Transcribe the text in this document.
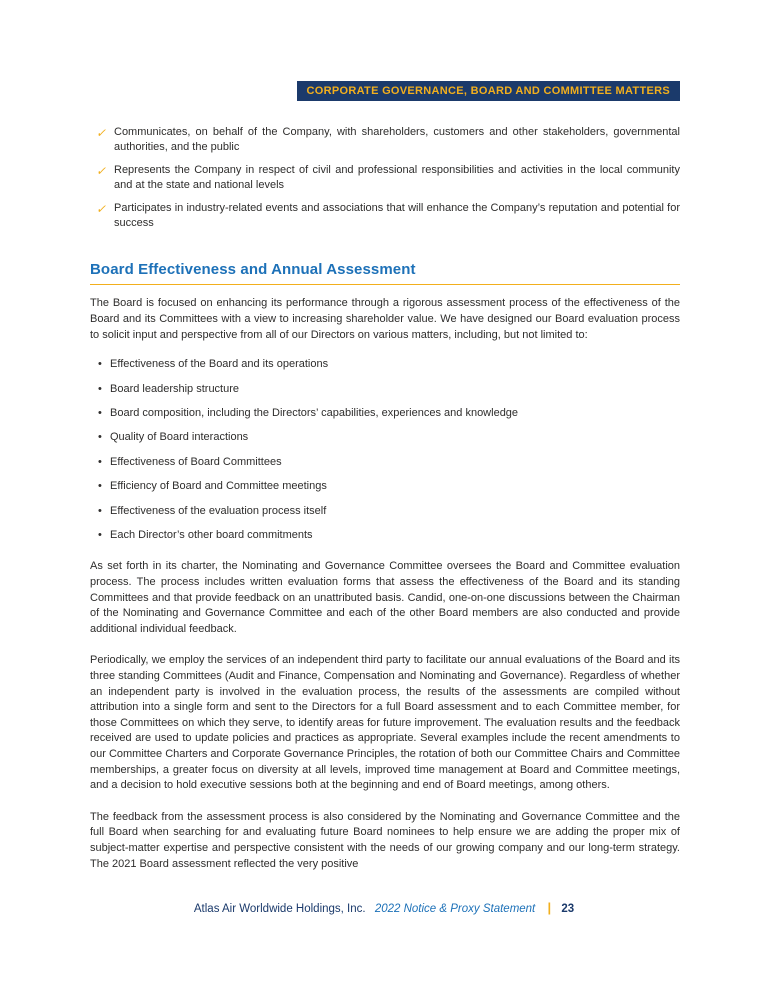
CORPORATE GOVERNANCE, BOARD AND COMMITTEE MATTERS
✓ Communicates, on behalf of the Company, with shareholders, customers and other stakeholders, governmental authorities, and the public
✓ Represents the Company in respect of civil and professional responsibilities and activities in the local community and at the state and national levels
✓ Participates in industry-related events and associations that will enhance the Company’s reputation and potential for success
Board Effectiveness and Annual Assessment

The Board is focused on enhancing its performance through a rigorous assessment process of the effectiveness of the Board and its Committees with a view to increasing shareholder value. We have designed our Board evaluation process to solicit input and perspective from all of our Directors on various matters, including, but not limited to:

• Effectiveness of the Board and its operations
• Board leadership structure
• Board composition, including the Directors’ capabilities, experiences and knowledge
• Quality of Board interactions
• Effectiveness of Board Committees
• Efficiency of Board and Committee meetings
• Effectiveness of the evaluation process itself
• Each Director’s other board commitments

As set forth in its charter, the Nominating and Governance Committee oversees the Board and Committee evaluation process. The process includes written evaluation forms that assess the effectiveness of the Board and its standing Committees and that provide feedback on an unattributed basis. Candid, one-on-one discussions between the Chairman of the Nominating and Governance Committee and each of the other Board members are also conducted and provide additional individual feedback.

Periodically, we employ the services of an independent third party to facilitate our annual evaluations of the Board and its three standing Committees (Audit and Finance, Compensation and Nominating and Governance). Regardless of whether an independent party is involved in the evaluation process, the results of the assessments are compiled without attribution into a single form and sent to the Directors for a full Board assessment and to each Committee member, for those Committees on which they serve, to identify areas for future improvement. The evaluation results and the feedback received are used to update policies and practices as appropriate. Several examples include the recent amendments to our Committee Charters and Corporate Governance Principles, the rotation of both our Committee Chairs and Committee memberships, a greater focus on diversity at all levels, improved time management at Board and Committee meetings, and a decision to hold executive sessions both at the beginning and end of Board meetings, among others.

The feedback from the assessment process is also considered by the Nominating and Governance Committee and the full Board when searching for and evaluating future Board nominees to help ensure we are adding the proper mix of subject-matter expertise and perspective consistent with the needs of our growing company and our long-term strategy. The 2021 Board assessment reflected the very positive

Atlas Air Worldwide Holdings, Inc. 2022 Notice & Proxy Statement | 23
